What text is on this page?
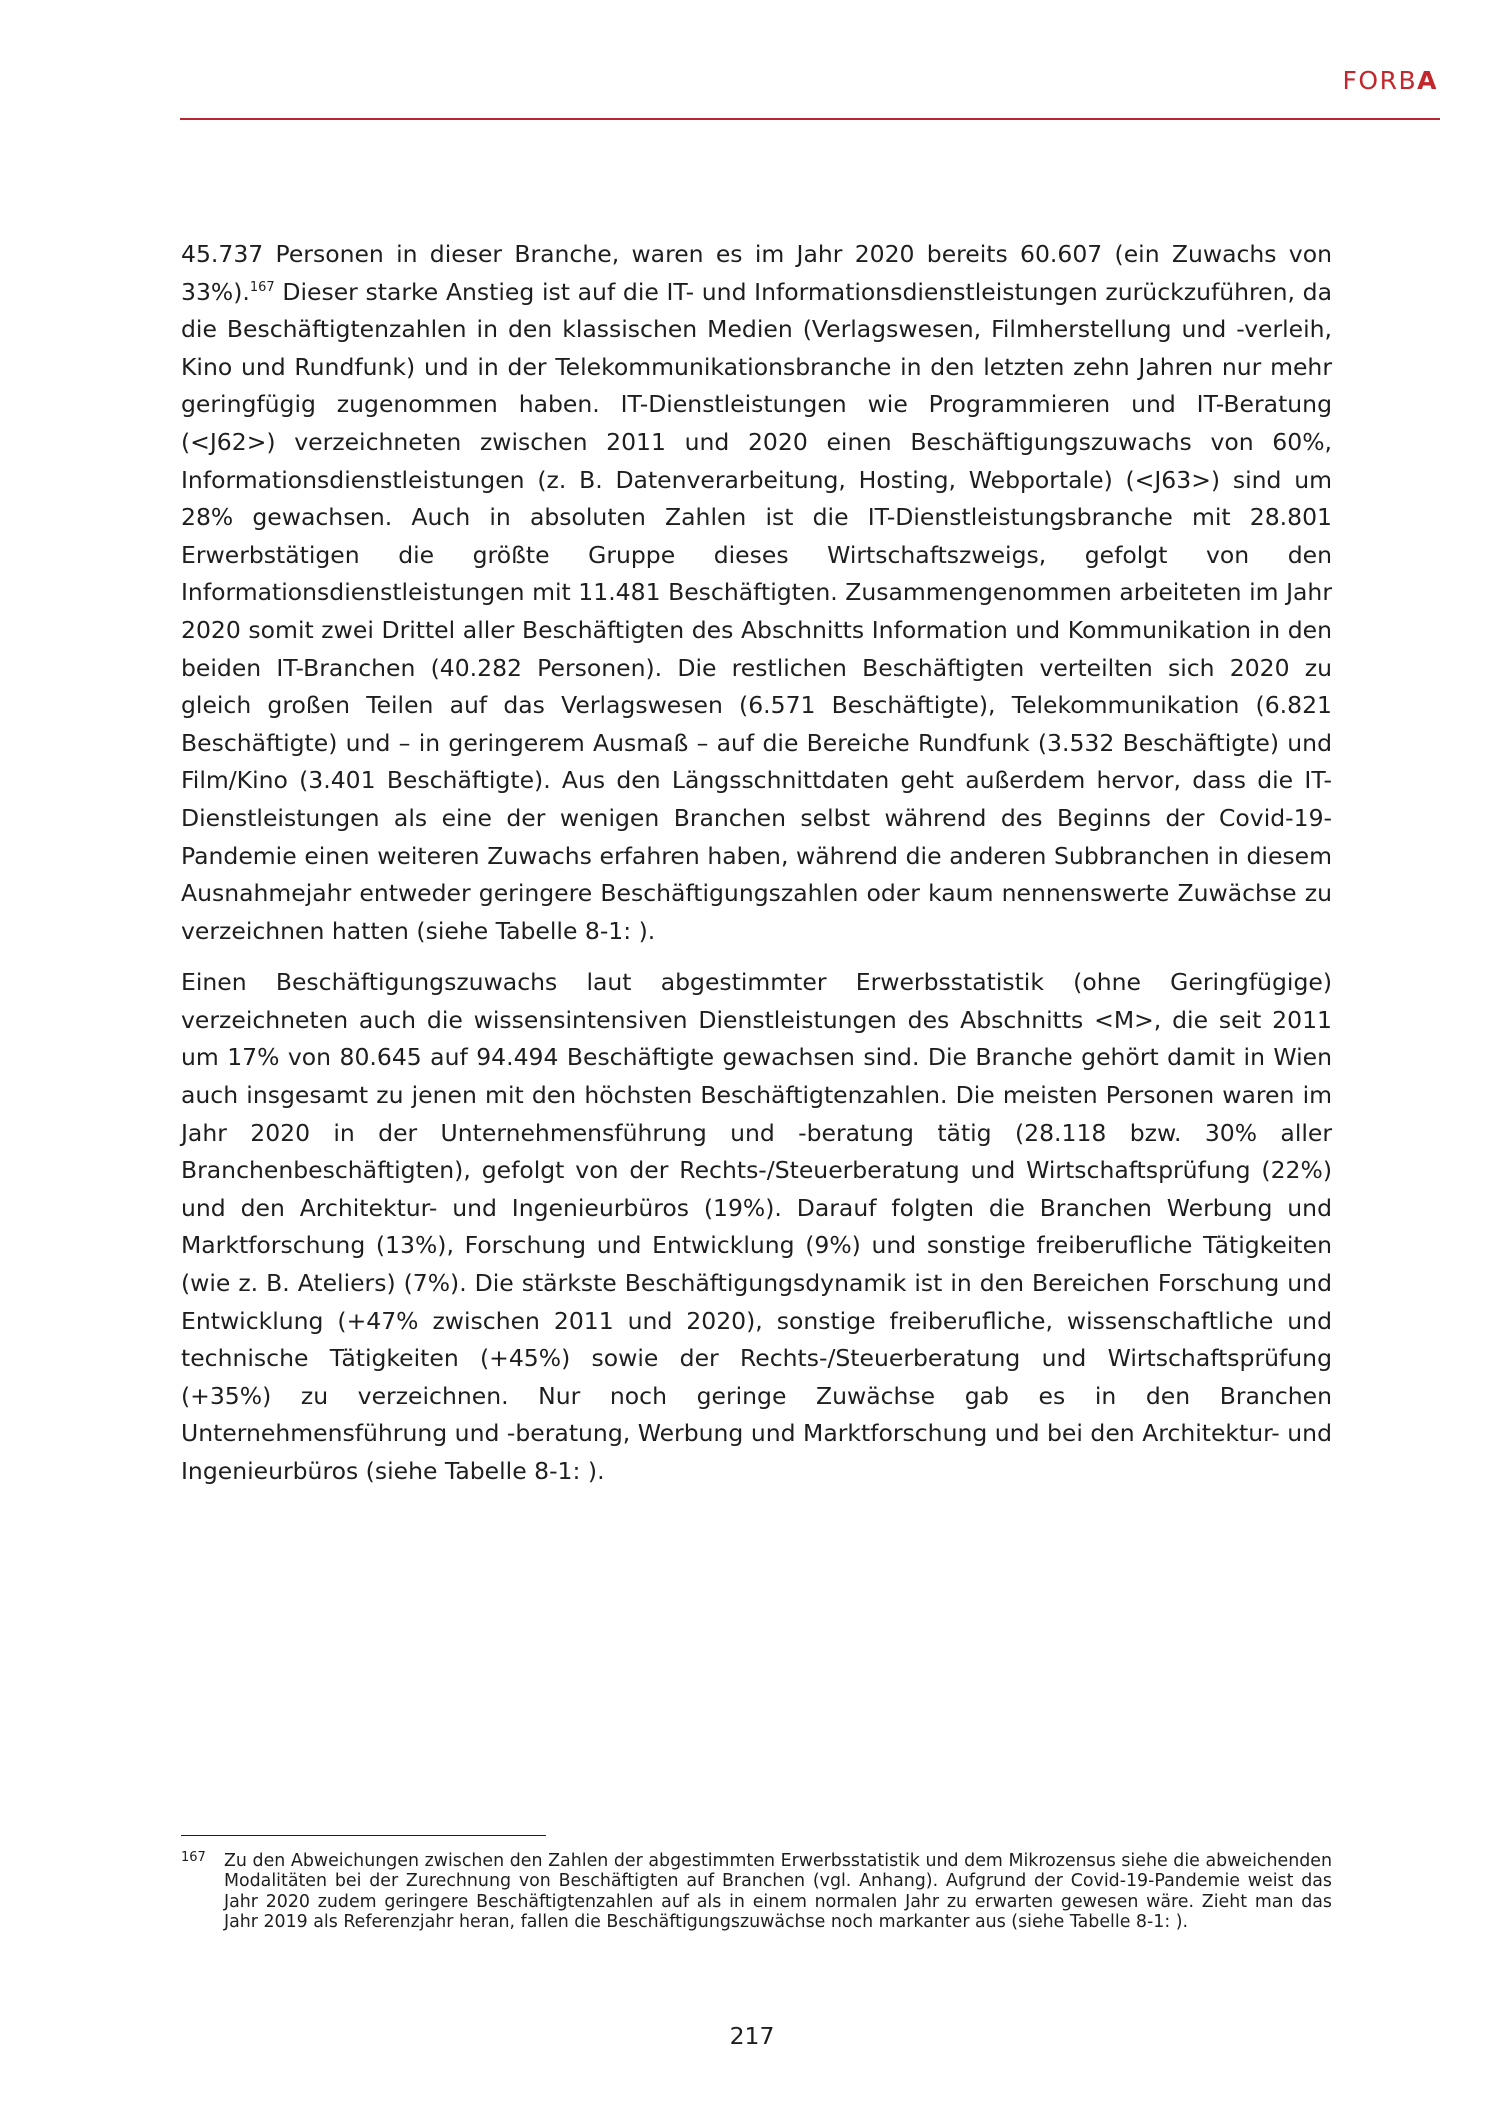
FORBA

45.737 Personen in dieser Branche, waren es im Jahr 2020 bereits 60.607 (ein Zuwachs von 33%).$^{167}$ Dieser starke Anstieg ist auf die IT- und Informationsdienstleistungen zurückzuführen, da die Beschäftigtenzahlen in den klassischen Medien (Verlagswesen, Filmherstellung und -verleih, Kino und Rundfunk) und in der Telekommunikationsbranche in den letzten zehn Jahren nur mehr geringfügig zugenommen haben. IT-Dienstleistungen wie Programmieren und IT-Beratung (<J62>) verzeichneten zwischen 2011 und 2020 einen Beschäftigungszuwachs von 60%, Informationsdienstleistungen (z. B. Datenverarbeitung, Hosting, Webportale) (<J63>) sind um 28% gewachsen. Auch in absoluten Zahlen ist die IT-Dienstleistungsbranche mit 28.801 Erwerbstätigen die größte Gruppe dieses Wirtschaftszweigs, gefolgt von den Informationsdienstleistungen mit 11.481 Beschäftigten. Zusammengenommen arbeiteten im Jahr 2020 somit zwei Drittel aller Beschäftigten des Abschnitts Information und Kommunikation in den beiden IT-Branchen (40.282 Personen). Die restlichen Beschäftigten verteilten sich 2020 zu gleich großen Teilen auf das Verlagswesen (6.571 Beschäftigte), Telekommunikation (6.821 Beschäftigte) und – in geringerem Ausmaß – auf die Bereiche Rundfunk (3.532 Beschäftigte) und Film/Kino (3.401 Beschäftigte). Aus den Längsschnittdaten geht außerdem hervor, dass die IT-Dienstleistungen als eine der wenigen Branchen selbst während des Beginns der Covid-19-Pandemie einen weiteren Zuwachs erfahren haben, während die anderen Subbranchen in diesem Ausnahmejahr entweder geringere Beschäftigungszahlen oder kaum nennenswerte Zuwächse zu verzeichnen hatten (siehe Tabelle 8-1: ).

Einen Beschäftigungszuwachs laut abgestimmter Erwerbsstatistik (ohne Geringfügige) verzeichneten auch die wissensintensiven Dienstleistungen des Abschnitts <M>, die seit 2011 um 17% von 80.645 auf 94.494 Beschäftigte gewachsen sind. Die Branche gehört damit in Wien auch insgesamt zu jenen mit den höchsten Beschäftigtenzahlen. Die meisten Personen waren im Jahr 2020 in der Unternehmensführung und -beratung tätig (28.118 bzw. 30% aller Branchenbeschäftigten), gefolgt von der Rechts-/Steuerberatung und Wirtschaftsprüfung (22%) und den Architektur- und Ingenieurbüros (19%). Darauf folgten die Branchen Werbung und Marktforschung (13%), Forschung und Entwicklung (9%) und sonstige freiberufliche Tätigkeiten (wie z. B. Ateliers) (7%). Die stärkste Beschäftigungsdynamik ist in den Bereichen Forschung und Entwicklung (+47% zwischen 2011 und 2020), sonstige freiberufliche, wissenschaftliche und technische Tätigkeiten (+45%) sowie der Rechts-/Steuerberatung und Wirtschaftsprüfung (+35%) zu verzeichnen. Nur noch geringe Zuwächse gab es in den Branchen Unternehmensführung und -beratung, Werbung und Marktforschung und bei den Architektur- und Ingenieurbüros (siehe Tabelle 8-1: ).

167 Zu den Abweichungen zwischen den Zahlen der abgestimmten Erwerbsstatistik und dem Mikrozensus siehe die abweichenden Modalitäten bei der Zurechnung von Beschäftigten auf Branchen (vgl. Anhang). Aufgrund der Covid-19-Pandemie weist das Jahr 2020 zudem geringere Beschäftigtenzahlen auf als in einem normalen Jahr zu erwarten gewesen wäre. Zieht man das Jahr 2019 als Referenzjahr heran, fallen die Beschäftigungszuwächse noch markanter aus (siehe Tabelle 8-1: ).
217
